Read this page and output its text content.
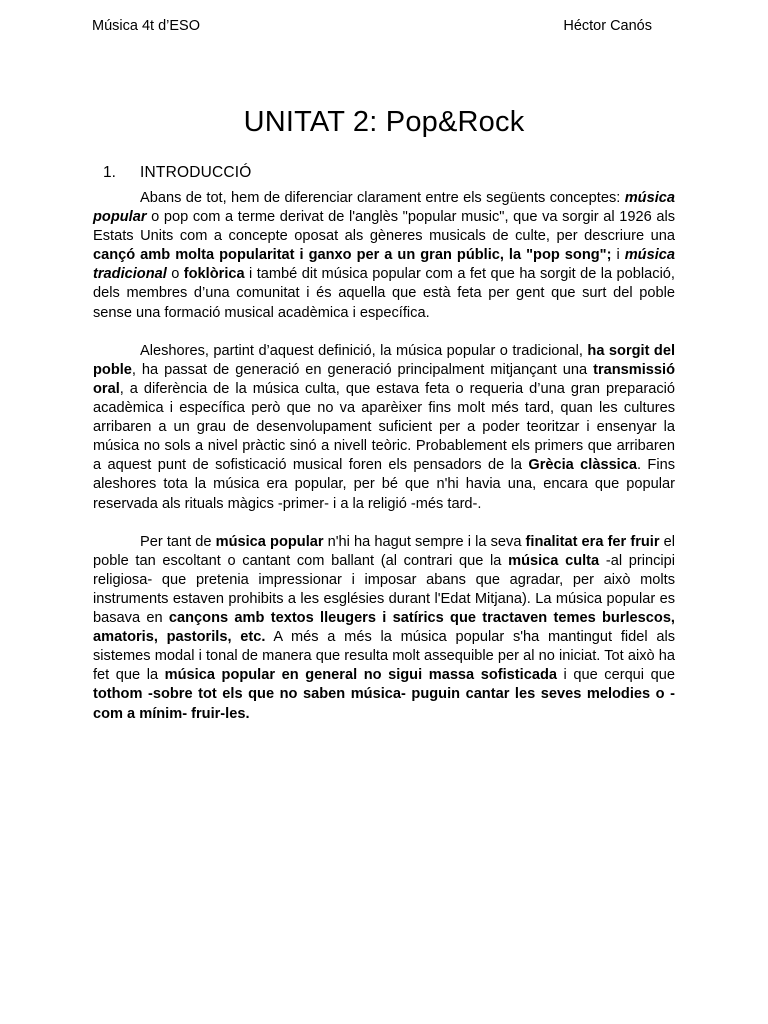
Música 4t d’ESO	Héctor Canós
UNITAT 2: Pop&Rock
1.	INTRODUCCIÓ

Abans de tot, hem de diferenciar clarament entre els següents conceptes: música popular o pop com a terme derivat de l'anglès "popular music", que va sorgir al 1926 als Estats Units com a concepte oposat als gèneres musicals de culte, per descriure una cançó amb molta popularitat i ganxo per a un gran públic, la "pop song"; i música tradicional o foklòrica i també dit música popular com a fet que ha sorgit de la població, dels membres d’una comunitat i és aquella que està feta per gent que surt del poble sense una formació musical acadèmica i específica.

Aleshores, partint d’aquest definició, la música popular o tradicional, ha sorgit del poble, ha passat de generació en generació principalment mitjançant una transmissió oral, a diferència de la música culta, que estava feta o requeria d’una gran preparació acadèmica i específica però que no va aparèixer fins molt més tard, quan les cultures arribaren a un grau de desenvolupament suficient per a poder teoritzar i ensenyar la música no sols a nivel pràctic sinó a nivell teòric. Probablement els primers que arribaren a aquest punt de sofisticació musical foren els pensadors de la Grècia clàssica. Fins aleshores tota la música era popular, per bé que n'hi havia una, encara que popular reservada als rituals màgics -primer- i a la religió -més tard-.

Per tant de música popular n'hi ha hagut sempre i la seva finalitat era fer fruir el poble tan escoltant o cantant com ballant (al contrari que la música culta -al principi religiosa- que pretenia impressionar i imposar abans que agradar, per això molts instruments estaven prohibits a les esglésies durant l'Edat Mitjana). La música popular es basava en cançons amb textos lleugers i satírics que tractaven temes burlescos, amatoris, pastorils, etc. A més a més la música popular s'ha mantingut fidel als sistemes modal i tonal de manera que resulta molt assequible per al no iniciat. Tot això ha fet que la música popular en general no sigui massa sofisticada i que cerqui que tothom -sobre tot els que no saben música- puguin cantar les seves melodies o -com a mínim- fruir-les.
